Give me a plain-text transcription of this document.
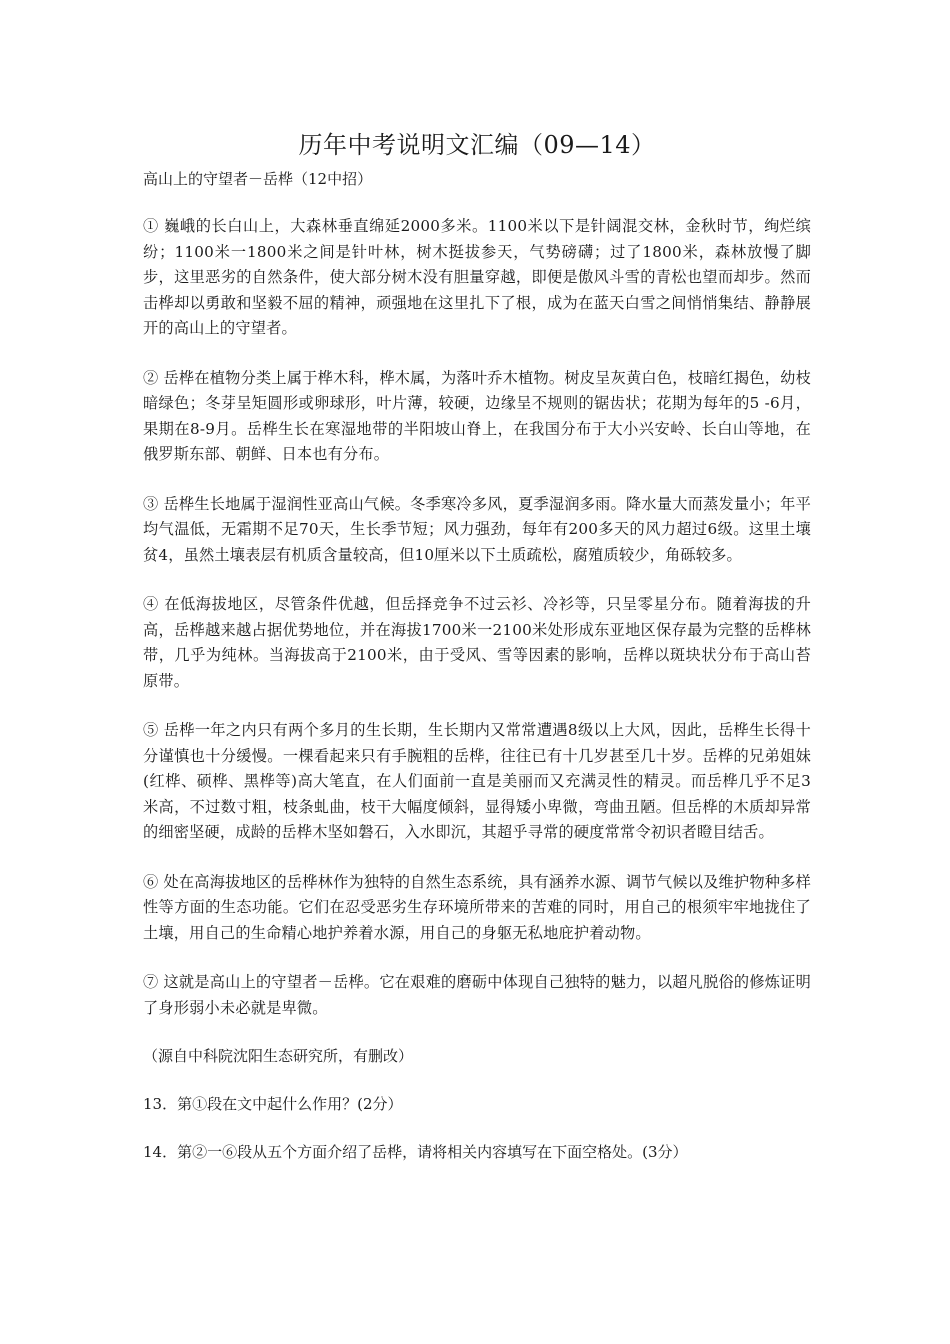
历年中考说明文汇编（09—14）
高山上的守望者－岳桦（12中招）

① 巍峨的长白山上，大森林垂直绵延2000多米。1100米以下是针阔混交林，金秋时节，绚烂缤纷；1100米一1800米之间是针叶林，树木挺拔参天，气势磅礴；过了1800米，森林放慢了脚步，这里恶劣的自然条件，使大部分树木没有胆量穿越，即便是傲风斗雪的青松也望而却步。然而击桦却以勇敢和坚毅不屈的精神，顽强地在这里扎下了根，成为在蓝天白雪之间悄悄集结、静静展开的高山上的守望者。

② 岳桦在植物分类上属于桦木科，桦木属，为落叶乔木植物。树皮呈灰黄白色，枝暗红揭色，幼枝暗绿色；冬芽呈矩圆形或卵球形，叶片薄，较硬，边缘呈不规则的锯齿状；花期为每年的5 -6月，果期在8-9月。岳桦生长在寒湿地带的半阳坡山脊上，在我国分布于大小兴安岭、长白山等地，在俄罗斯东部、朝鲜、日本也有分布。

③ 岳桦生长地属于湿润性亚高山气候。冬季寒冷多风，夏季湿润多雨。降水量大而蒸发量小；年平均气温低，无霜期不足70天，生长季节短；风力强劲，每年有200多天的风力超过6级。这里土壤贫4，虽然土壤表层有机质含量较高，但10厘米以下土质疏松，腐殖质较少，角砾较多。

④ 在低海拔地区，尽管条件优越，但岳择竞争不过云衫、冷衫等，只呈零星分布。随着海拔的升高，岳桦越来越占据优势地位，并在海拔1700米一2100米处形成东亚地区保存最为完整的岳桦林带，几乎为纯林。当海拔高于2100米，由于受风、雪等因素的影响，岳桦以斑块状分布于高山苔原带。

⑤ 岳桦一年之内只有两个多月的生长期，生长期内又常常遭遇8级以上大风，因此，岳桦生长得十分谨慎也十分缓慢。一棵看起来只有手腕粗的岳桦，往往已有十几岁甚至几十岁。岳桦的兄弟姐妹(红桦、硕桦、黑桦等)高大笔直，在人们面前一直是美丽而又充满灵性的精灵。而岳桦几乎不足3米高，不过数寸粗，枝条虬曲，枝干大幅度倾斜，显得矮小卑微，弯曲丑陋。但岳桦的木质却异常的细密坚硬，成龄的岳桦木坚如磐石，入水即沉，其超乎寻常的硬度常常令初识者瞪目结舌。

⑥ 处在高海拔地区的岳桦林作为独特的自然生态系统，具有涵养水源、调节气候以及维护物种多样性等方面的生态功能。它们在忍受恶劣生存环境所带来的苦难的同时，用自己的根须牢牢地拢住了土壤，用自己的生命精心地护养着水源，用自己的身躯无私地庇护着动物。

⑦ 这就是高山上的守望者－岳桦。它在艰难的磨砺中体现自己独特的魅力，以超凡脱俗的修炼证明了身形弱小未必就是卑微。

（源自中科院沈阳生态研究所，有删改）
13．第①段在文中起什么作用？(2分）
14．第②一⑥段从五个方面介绍了岳桦，请将相关内容填写在下面空格处。(3分）
